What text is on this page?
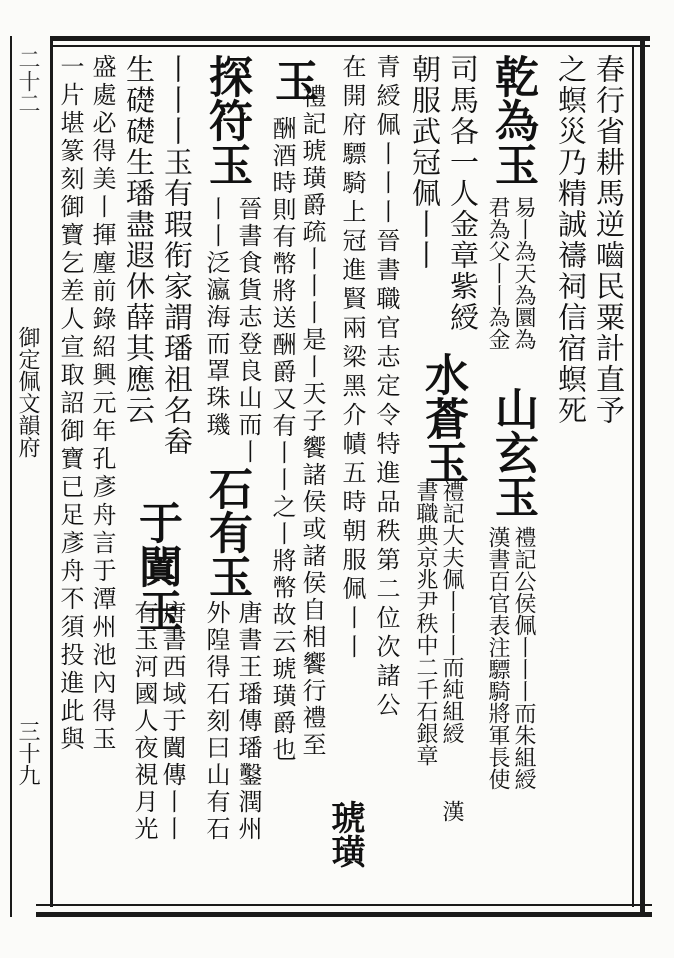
二十二
御定佩文韻府
三十九
春行省耕馬逆嚙民粟計直予
之螟災乃精誠禱祠信宿螟死
乾為玉
易丨為天為圜為
君為父丨丨為金
山玄玉
禮記公侯佩丨丨丨而朱組綬
漢書百官表注驃騎將軍長使
司馬各一人金章紫綬
水蒼玉
禮記大夫佩丨丨丨而純組綬
漢
朝服武冠佩丨丨
書職典京兆尹秩中二千石銀章
青綬佩丨丨丨晉書職官志定令特進品秩第二位次諸公
在開府驃騎上冠進賢兩梁黑介幘五時朝服佩丨丨
琥璜
玉
禮記琥璜爵疏丨丨丨是丨天子饗諸侯或諸侯自相饗行禮至
酬酒時則有幣將送酬爵又有丨丨之丨將幣故云琥璜爵也
探符玉
晉書食貨志登良山而丨
丨丨泛瀛海而罩珠璣
石有玉
唐書王璠傳璠鑿潤州
外隍得石刻曰山有石
丨丨丨玉有瑕衔家謂璠祖名畚
于闐玉
唐書西域于闐傳丨丨
生礎礎生璠盡遐休薛其應云
有玉河國人夜視月光
盛處必得美丨揮麈前錄紹興元年孔彥舟言于潭州池內得玉
一片堪篆刻御寶乞差人宣取詔御寶已足彥舟不須投進此與
